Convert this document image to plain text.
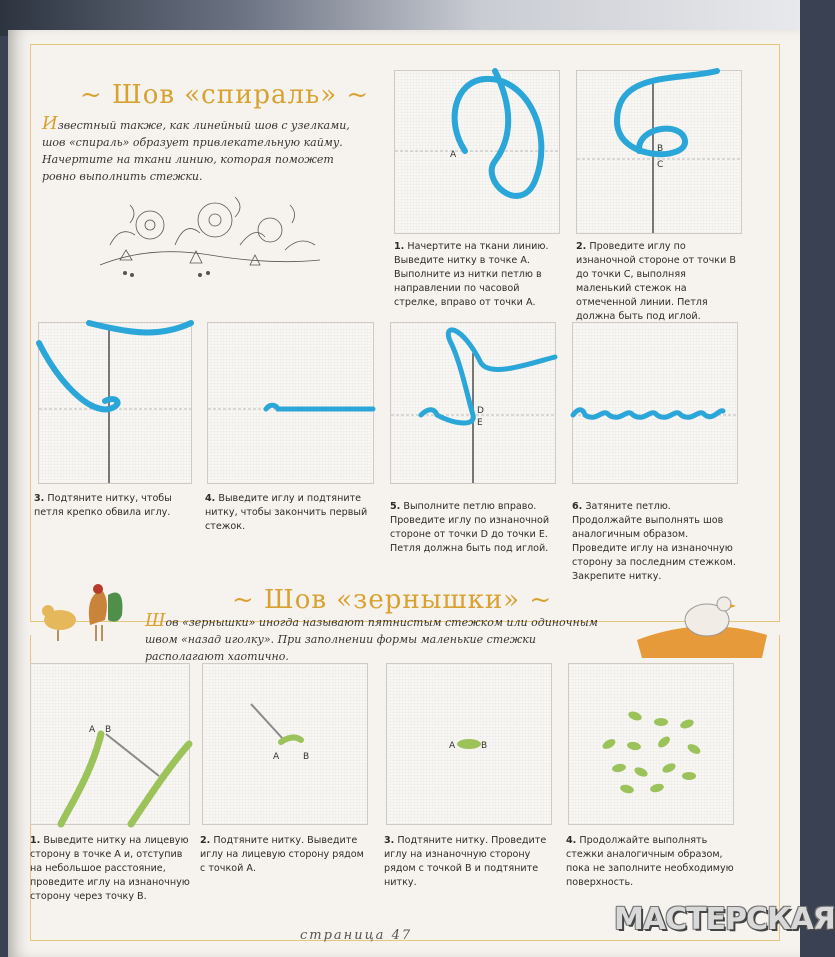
~ Шов «спираль» ~
Известный также, как линейный шов с узелками, шов «спираль» образует привлекательную кайму. Начертите на ткани линию, которая поможет ровно выполнить стежки.
A
1. Начертите на ткани линию. Выведите нитку в точке А. Выполните из нитки петлю в направлении по часовой стрелке, вправо от точки А.
B
C
2. Проведите иглу по изнаночной стороне от точки В до точки С, выполняя маленький стежок на отмеченной линии. Петля должна быть под иглой.
3. Подтяните нитку, чтобы петля крепко обвила иглу.
4. Выведите иглу и подтяните нитку, чтобы закончить первый стежок.
D
E
5. Выполните петлю вправо. Проведите иглу по изнаночной стороне от точки D до точки Е. Петля должна быть под иглой.
6. Затяните петлю. Продолжайте выполнять шов аналогичным образом. Проведите иглу на изнаночную сторону за последним стежком. Закрепите нитку.
~ Шов «зернышки» ~
Шов «зернышки» иногда называют пятнистым стежком или одиночным швом «назад иголку». При заполнении формы маленькие стежки располагают хаотично.
A B
1. Выведите нитку на лицевую сторону в точке А и, отступив на небольшое расстояние, проведите иглу на изнаночную сторону через точку В.
A	B
2. Подтяните нитку. Выведите иглу на лицевую сторону рядом с точкой А.
A	B
3. Подтяните нитку. Проведите иглу на изнаночную сторону рядом с точкой В и подтяните нитку.
4. Продолжайте выполнять стежки аналогичным образом, пока не заполните необходимую поверхность.
страница 47	МАСТЕРСКАЯ
